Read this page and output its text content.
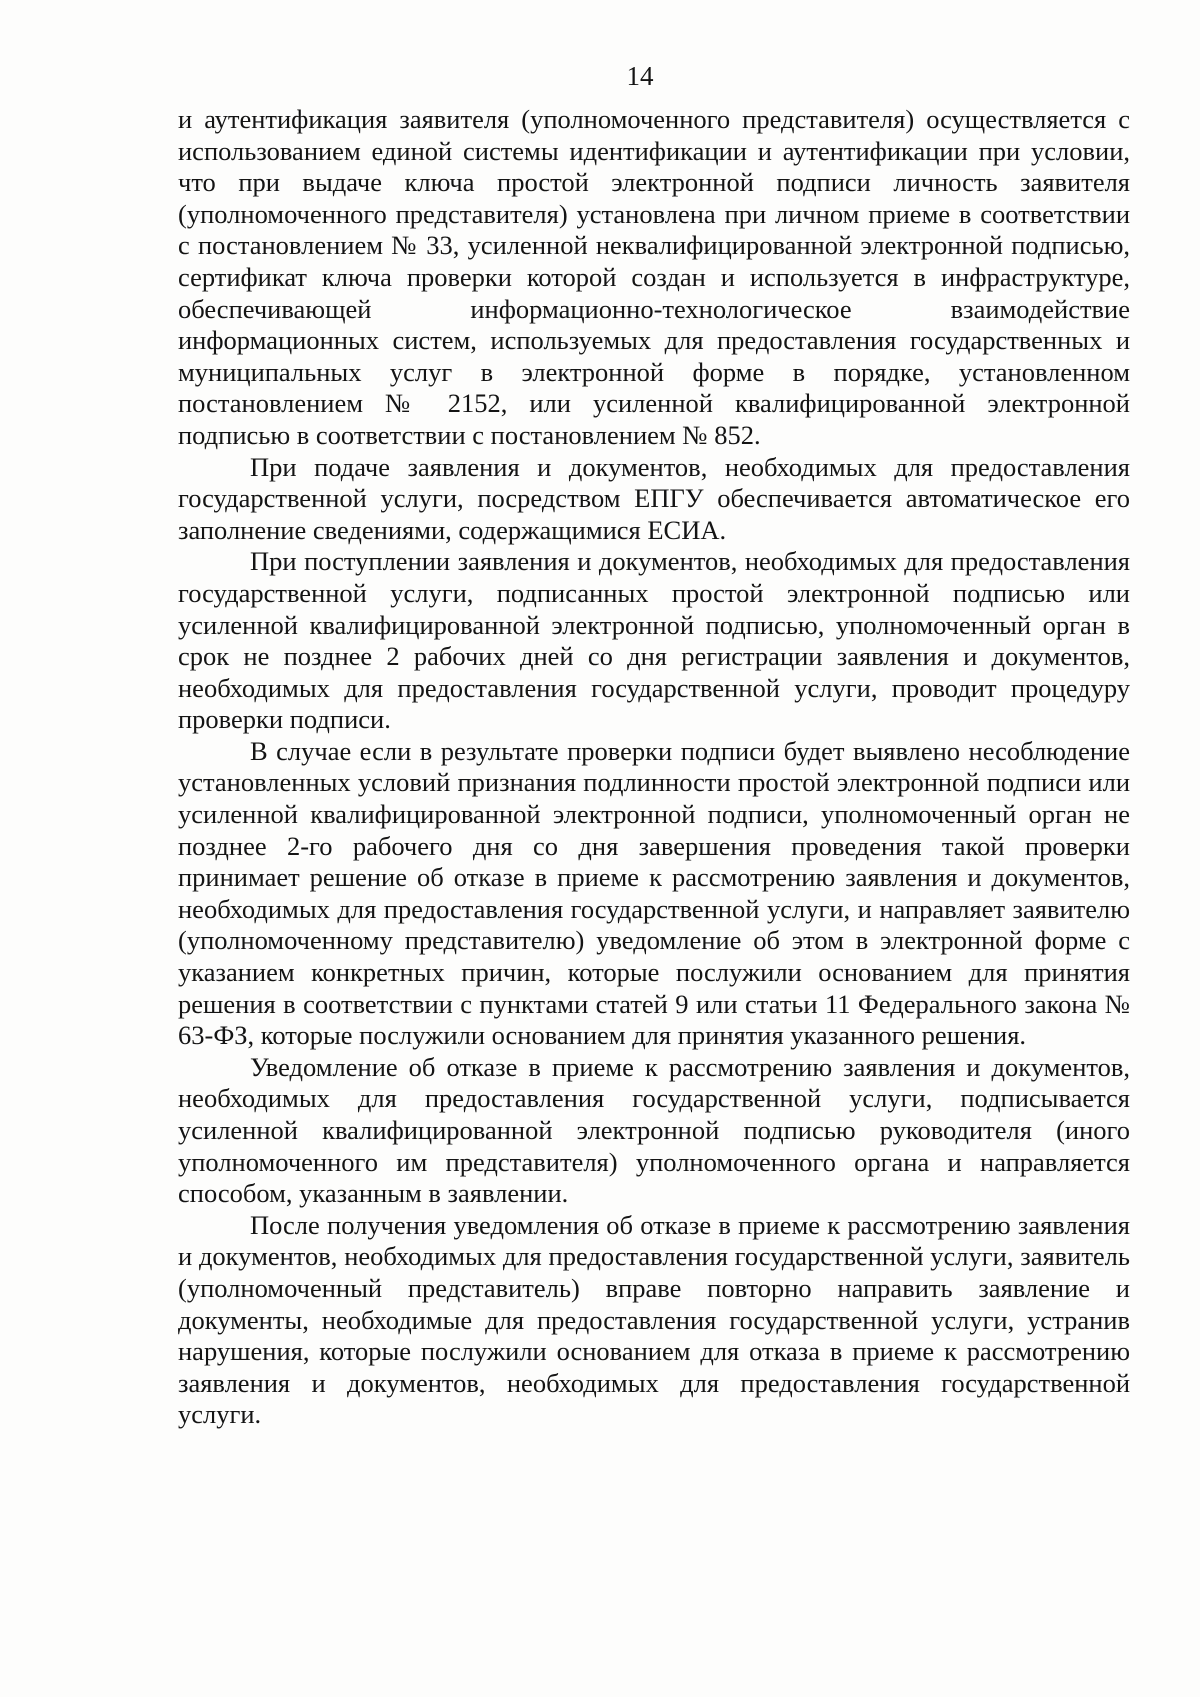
14

и аутентификация заявителя (уполномоченного представителя) осуществляется с использованием единой системы идентификации и аутентификации при условии, что при выдаче ключа простой электронной подписи личность заявителя (уполномоченного представителя) установлена при личном приеме в соответствии с постановлением № 33, усиленной неквалифицированной электронной подписью, сертификат ключа проверки которой создан и используется в инфраструктуре, обеспечивающей информационно-технологическое взаимодействие информационных систем, используемых для предоставления государственных и муниципальных услуг в электронной форме в порядке, установленном постановлением № 2152, или усиленной квалифицированной электронной подписью в соответствии с постановлением № 852.

При подаче заявления и документов, необходимых для предоставления государственной услуги, посредством ЕПГУ обеспечивается автоматическое его заполнение сведениями, содержащимися ЕСИА.

При поступлении заявления и документов, необходимых для предоставления государственной услуги, подписанных простой электронной подписью или усиленной квалифицированной электронной подписью, уполномоченный орган в срок не позднее 2 рабочих дней со дня регистрации заявления и документов, необходимых для предоставления государственной услуги, проводит процедуру проверки подписи.

В случае если в результате проверки подписи будет выявлено несоблюдение установленных условий признания подлинности простой электронной подписи или усиленной квалифицированной электронной подписи, уполномоченный орган не позднее 2-го рабочего дня со дня завершения проведения такой проверки принимает решение об отказе в приеме к рассмотрению заявления и документов, необходимых для предоставления государственной услуги, и направляет заявителю (уполномоченному представителю) уведомление об этом в электронной форме с указанием конкретных причин, которые послужили основанием для принятия решения в соответствии с пунктами статей 9 или статьи 11 Федерального закона № 63-ФЗ, которые послужили основанием для принятия указанного решения.

Уведомление об отказе в приеме к рассмотрению заявления и документов, необходимых для предоставления государственной услуги, подписывается усиленной квалифицированной электронной подписью руководителя (иного уполномоченного им представителя) уполномоченного органа и направляется способом, указанным в заявлении.

После получения уведомления об отказе в приеме к рассмотрению заявления и документов, необходимых для предоставления государственной услуги, заявитель (уполномоченный представитель) вправе повторно направить заявление и документы, необходимые для предоставления государственной услуги, устранив нарушения, которые послужили основанием для отказа в приеме к рассмотрению заявления и документов, необходимых для предоставления государственной услуги.
